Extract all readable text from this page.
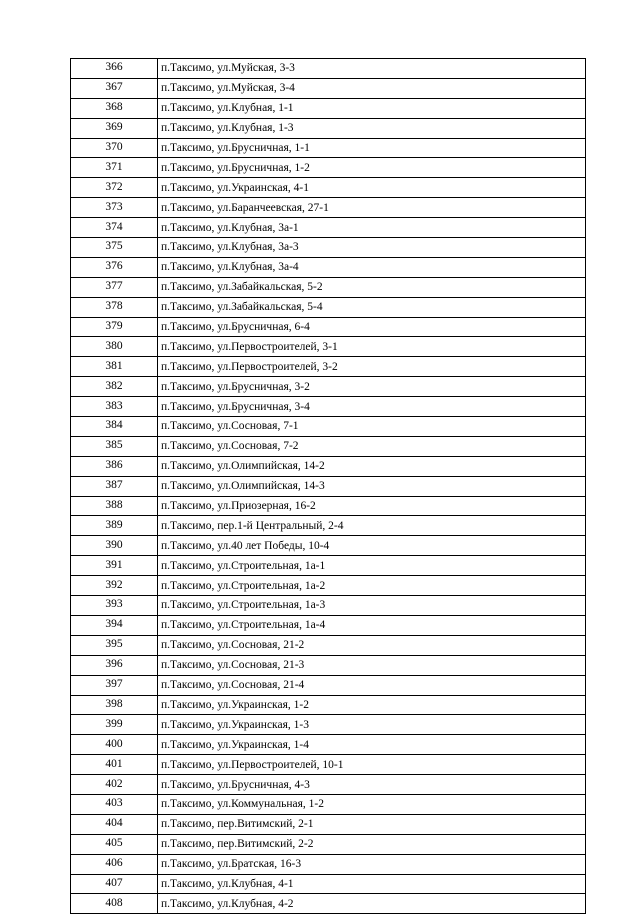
366	п.Таксимо, ул.Муйская, 3-3
367	п.Таксимо, ул.Муйская, 3-4
368	п.Таксимо, ул.Клубная, 1-1
369	п.Таксимо, ул.Клубная, 1-3
370	п.Таксимо, ул.Брусничная, 1-1
371	п.Таксимо, ул.Брусничная, 1-2
372	п.Таксимо, ул.Украинская, 4-1
373	п.Таксимо, ул.Баранчеевская, 27-1
374	п.Таксимо, ул.Клубная, 3а-1
375	п.Таксимо, ул.Клубная, 3а-3
376	п.Таксимо, ул.Клубная, 3а-4
377	п.Таксимо, ул.Забайкальская, 5-2
378	п.Таксимо, ул.Забайкальская, 5-4
379	п.Таксимо, ул.Брусничная, 6-4
380	п.Таксимо, ул.Первостроителей, 3-1
381	п.Таксимо, ул.Первостроителей, 3-2
382	п.Таксимо, ул.Брусничная, 3-2
383	п.Таксимо, ул.Брусничная, 3-4
384	п.Таксимо, ул.Сосновая, 7-1
385	п.Таксимо, ул.Сосновая, 7-2
386	п.Таксимо, ул.Олимпийская, 14-2
387	п.Таксимо, ул.Олимпийская, 14-3
388	п.Таксимо, ул.Приозерная, 16-2
389	п.Таксимо, пер.1-й Центральный, 2-4
390	п.Таксимо, ул.40 лет Победы, 10-4
391	п.Таксимо, ул.Строительная, 1а-1
392	п.Таксимо, ул.Строительная, 1а-2
393	п.Таксимо, ул.Строительная, 1а-3
394	п.Таксимо, ул.Строительная, 1а-4
395	п.Таксимо, ул.Сосновая, 21-2
396	п.Таксимо, ул.Сосновая, 21-3
397	п.Таксимо, ул.Сосновая, 21-4
398	п.Таксимо, ул.Украинская, 1-2
399	п.Таксимо, ул.Украинская, 1-3
400	п.Таксимо, ул.Украинская, 1-4
401	п.Таксимо, ул.Первостроителей, 10-1
402	п.Таксимо, ул.Брусничная, 4-3
403	п.Таксимо, ул.Коммунальная, 1-2
404	п.Таксимо, пер.Витимский, 2-1
405	п.Таксимо, пер.Витимский, 2-2
406	п.Таксимо, ул.Братская, 16-3
407	п.Таксимо, ул.Клубная, 4-1
408	п.Таксимо, ул.Клубная, 4-2
